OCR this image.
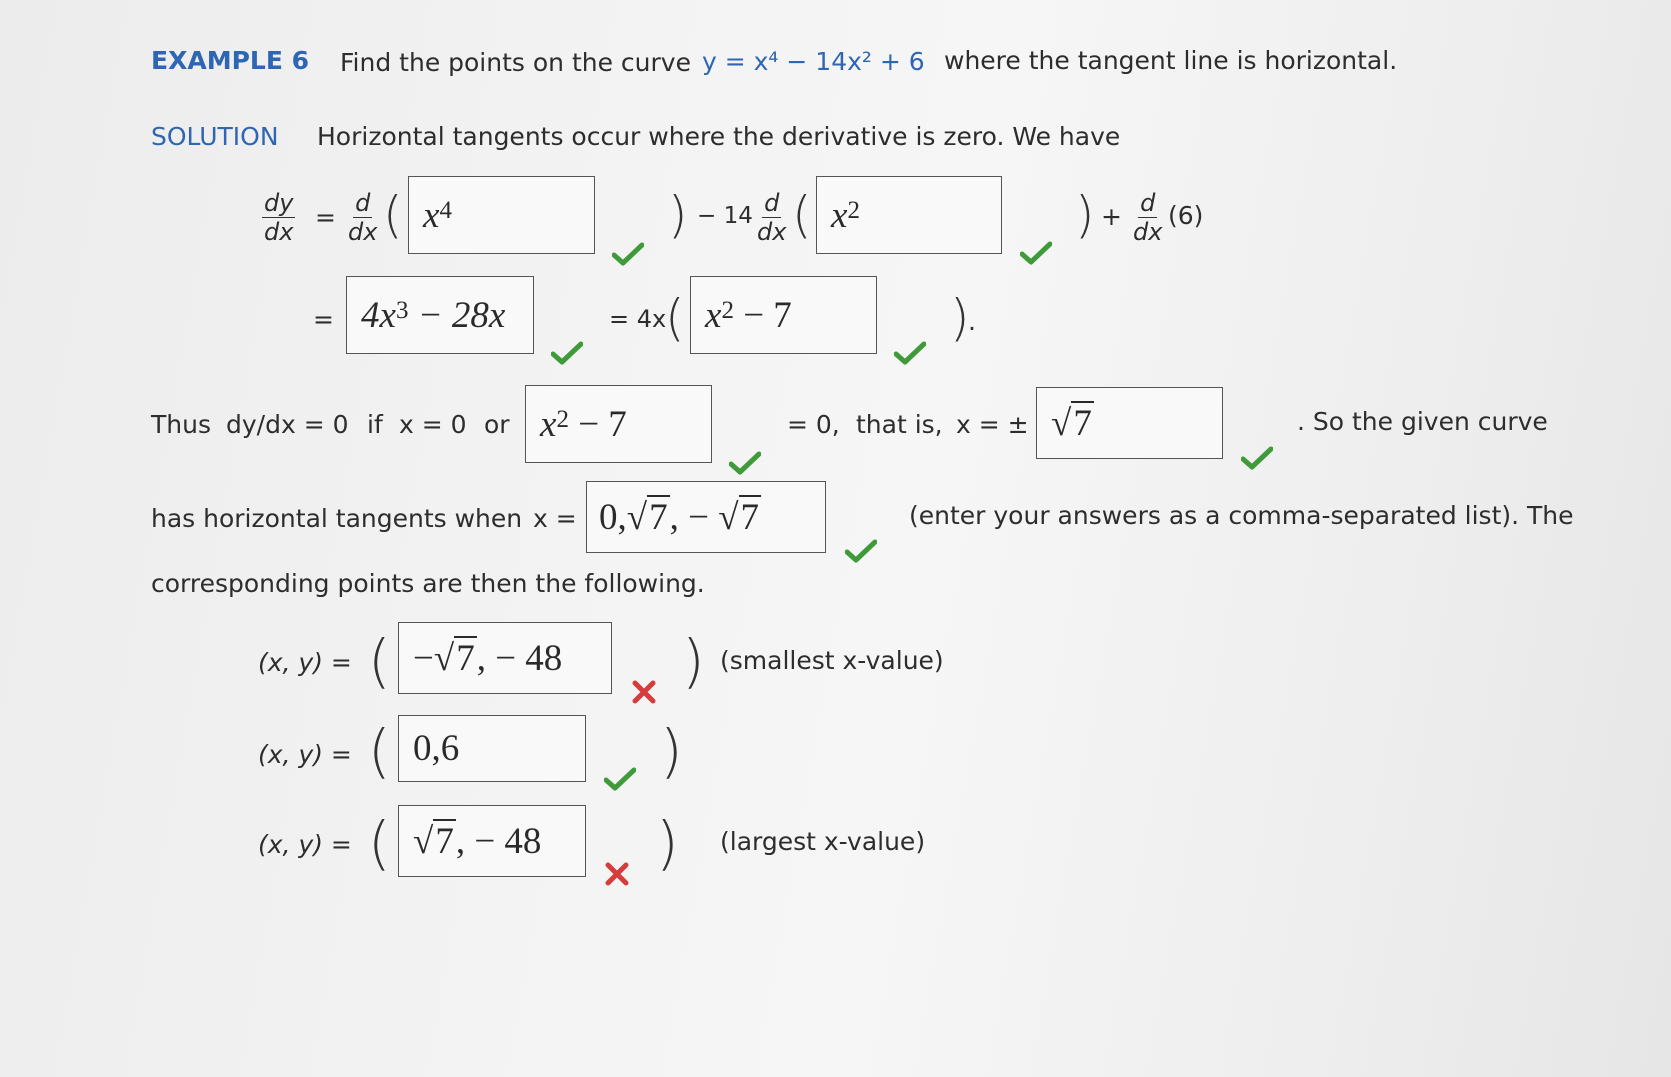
EXAMPLE 6 Find the points on the curve y = x⁴ − 14x² + 6 where the tangent line is horizontal.
SOLUTION Horizontal tangents occur where the derivative is zero. We have
$\frac{dy}{dx} = \frac{d}{dx}$ ( $x^4$	) − $14 \frac{d}{dx}$ ( $x^2$	) + $\frac{d}{dx} (6)$
= $4x^3 - 28x$	= 4x
( $x^2 - 7$	)
.
Thus dy/dx = 0 if x = 0 or $x^2 - 7$	= 0, that is, x = ± √7	. So the given curve
has horizontal tangents when x = 0, √7 , − √7	(enter your answers as a comma-separated list). The
corresponding points are then the following.
(x, y) = ( − √7 , − 48 ) (smallest x-value)
(x, y) = ( 0,6	)
(x, y) = ( √7 , − 48 ) (largest x-value)
